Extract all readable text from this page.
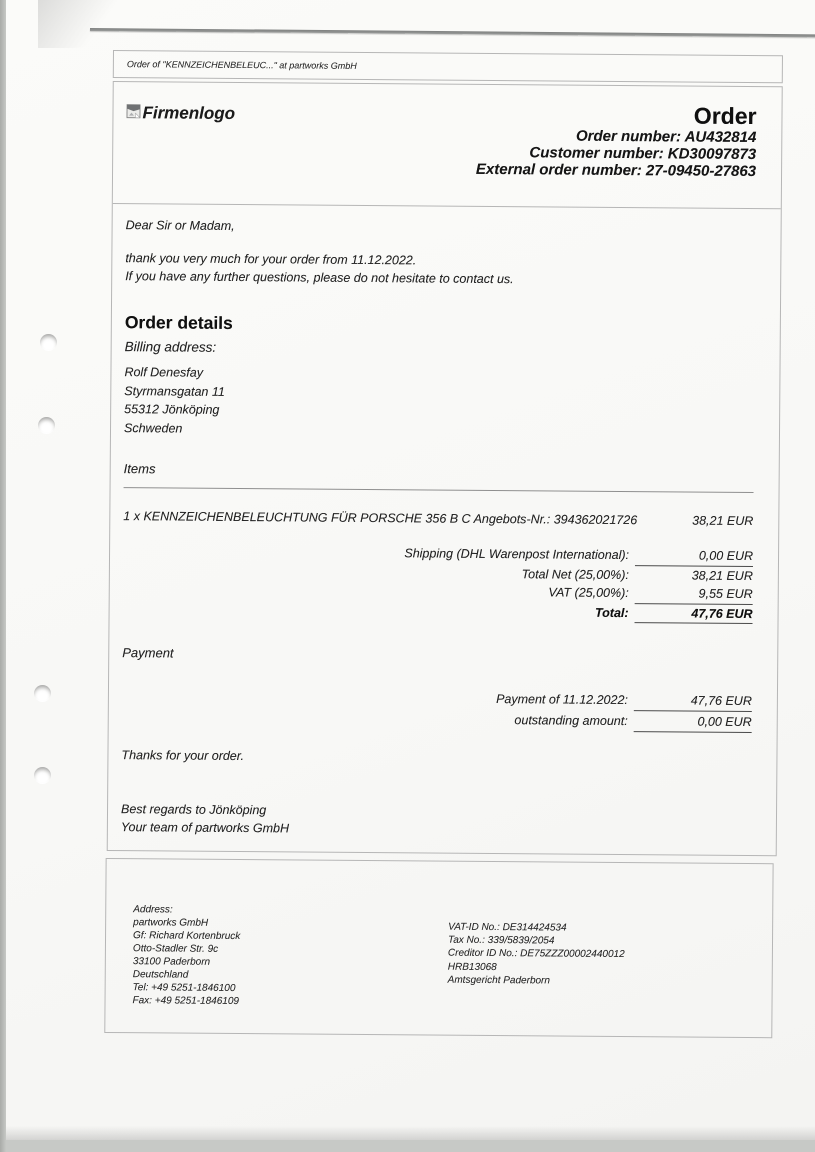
Order of "KENNZEICHENBELEUC..." at partworks GmbH
Firmenlogo	Order
Order number: AU432814
Customer number: KD30097873
External order number: 27-09450-27863
Dear Sir or Madam,
thank you very much for your order from 11.12.2022.
If you have any further questions, please do not hesitate to contact us.
Order details
Billing address:
Rolf Denesfay
Styrmansgatan 11
55312 Jönköping
Schweden
Items
1 x KENNZEICHENBELEUCHTUNG FÜR PORSCHE 356 B C Angebots-Nr.: 394362021726	38,21 EUR
Shipping (DHL Warenpost International):	0,00 EUR
Total Net (25,00%):	38,21 EUR
VAT (25,00%):	9,55 EUR
Total:	47,76 EUR
Payment
Payment of 11.12.2022:	47,76 EUR
outstanding amount:	0,00 EUR
Thanks for your order.
Best regards to Jönköping
Your team of partworks GmbH
Address:
partworks GmbH
Gf: Richard Kortenbruck
Otto-Stadler Str. 9c
33100 Paderborn
Deutschland
Tel: +49 5251-1846100
Fax: +49 5251-1846109
VAT-ID No.: DE314424534
Tax No.: 339/5839/2054
Creditor ID No.: DE75ZZZ00002440012
HRB13068
Amtsgericht Paderborn
